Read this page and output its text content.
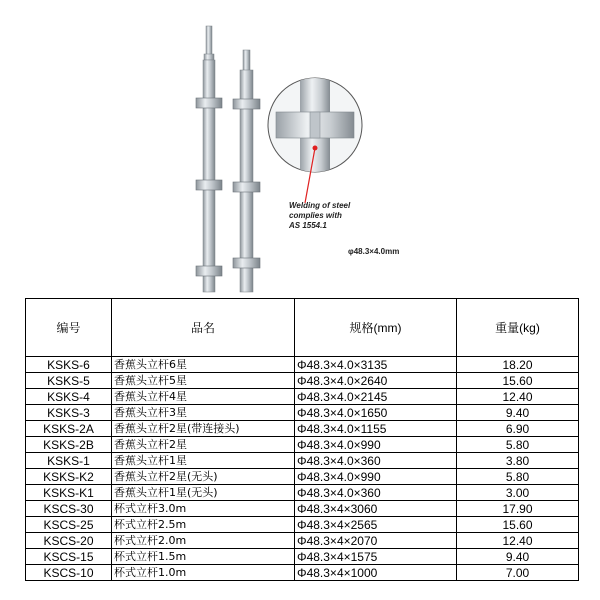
Welding of steel
complies with
AS 1554.1
φ48.3×4.0mm
编号	品名	规格(mm)	重量(kg)
KSKS-6	香蕉头立杆6星	Φ48.3×4.0×3135	18.20
KSKS-5	香蕉头立杆5星	Φ48.3×4.0×2640	15.60
KSKS-4	香蕉头立杆4星	Φ48.3×4.0×2145	12.40
KSKS-3	香蕉头立杆3星	Φ48.3×4.0×1650	9.40
KSKS-2A	香蕉头立杆2星(带连接头)	Φ48.3×4.0×1155	6.90
KSKS-2B	香蕉头立杆2星	Φ48.3×4.0×990	5.80
KSKS-1	香蕉头立杆1星	Φ48.3×4.0×360	3.80
KSKS-K2	香蕉头立杆2星(无头)	Φ48.3×4.0×990	5.80
KSKS-K1	香蕉头立杆1星(无头)	Φ48.3×4.0×360	3.00
KSCS-30	杯式立杆3.0m	Φ48.3×4×3060	17.90
KSCS-25	杯式立杆2.5m	Φ48.3×4×2565	15.60
KSCS-20	杯式立杆2.0m	Φ48.3×4×2070	12.40
KSCS-15	杯式立杆1.5m	Φ48.3×4×1575	9.40
KSCS-10	杯式立杆1.0m	Φ48.3×4×1000	7.00
